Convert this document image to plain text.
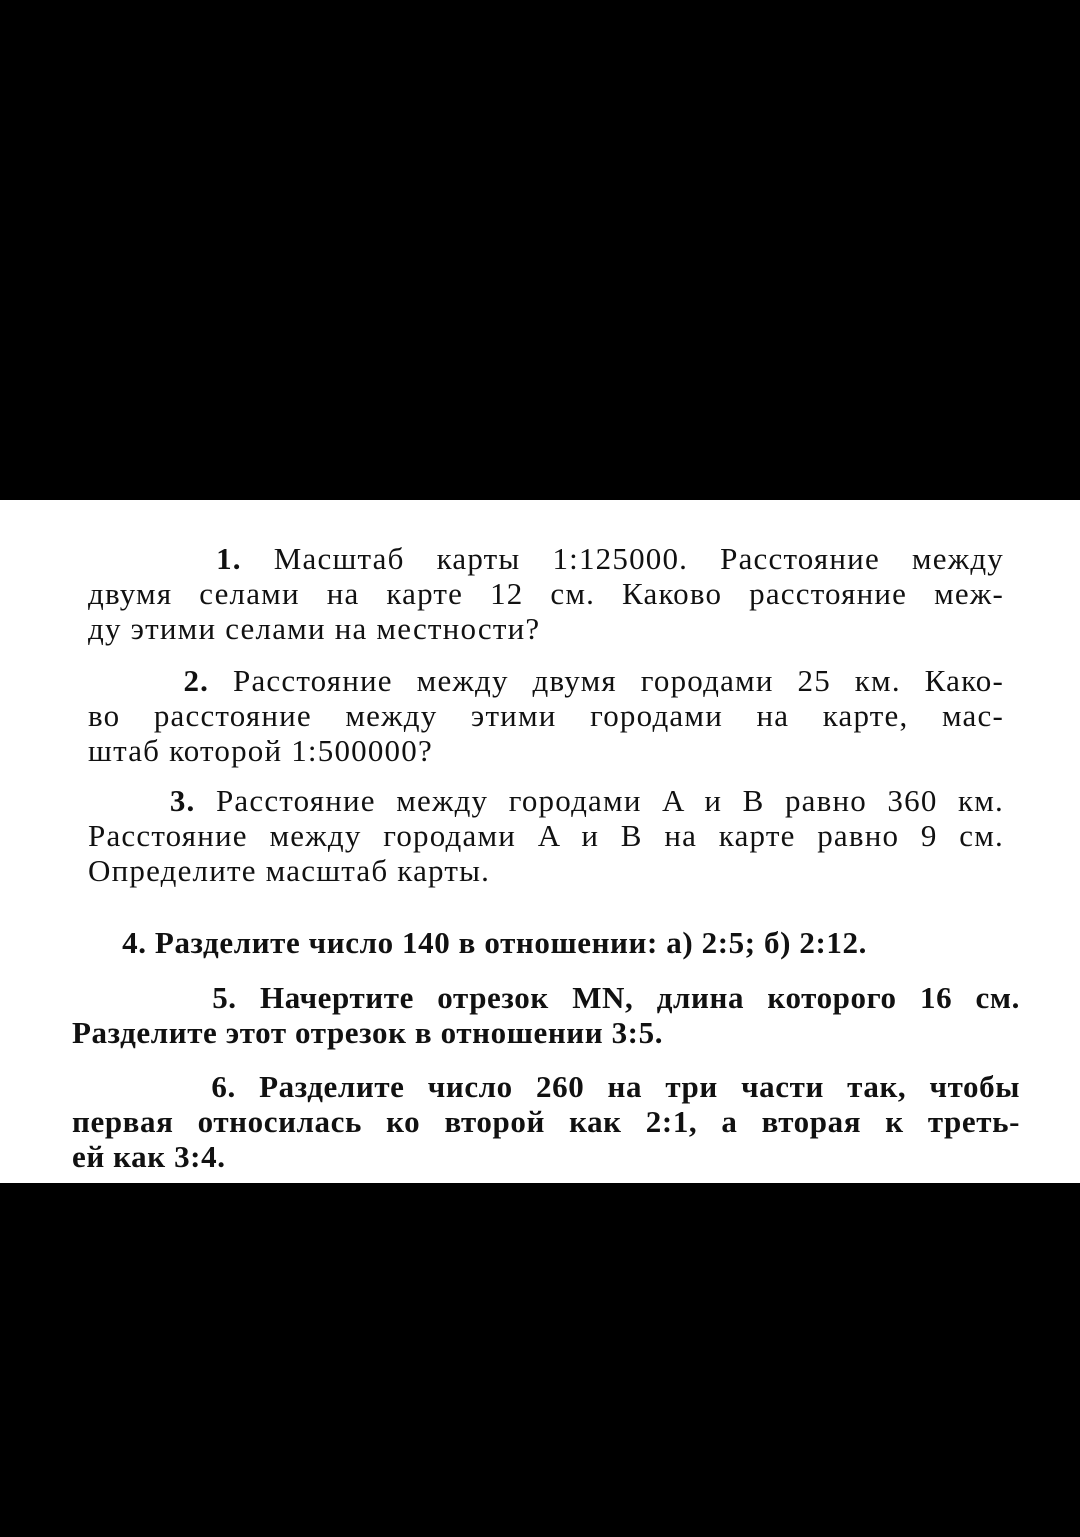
1. Масштаб карты 1:125000. Расстояние между
двумя селами на карте 12 см. Каково расстояние меж-
ду этими селами на местности?
2. Расстояние между двумя городами 25 км. Како-
во расстояние между этими городами на карте, мас-
штаб которой 1:500000?
3. Расстояние между городами A и B равно 360 км.
Расстояние между городами A и B на карте равно 9 см.
Определите масштаб карты.
4. Разделите число 140 в отношении: а) 2:5; б) 2:12.
5. Начертите отрезок MN, длина которого 16 см.
Разделите этот отрезок в отношении 3:5.
6. Разделите число 260 на три части так, чтобы
первая относилась ко второй как 2:1, а вторая к треть-
ей как 3:4.
